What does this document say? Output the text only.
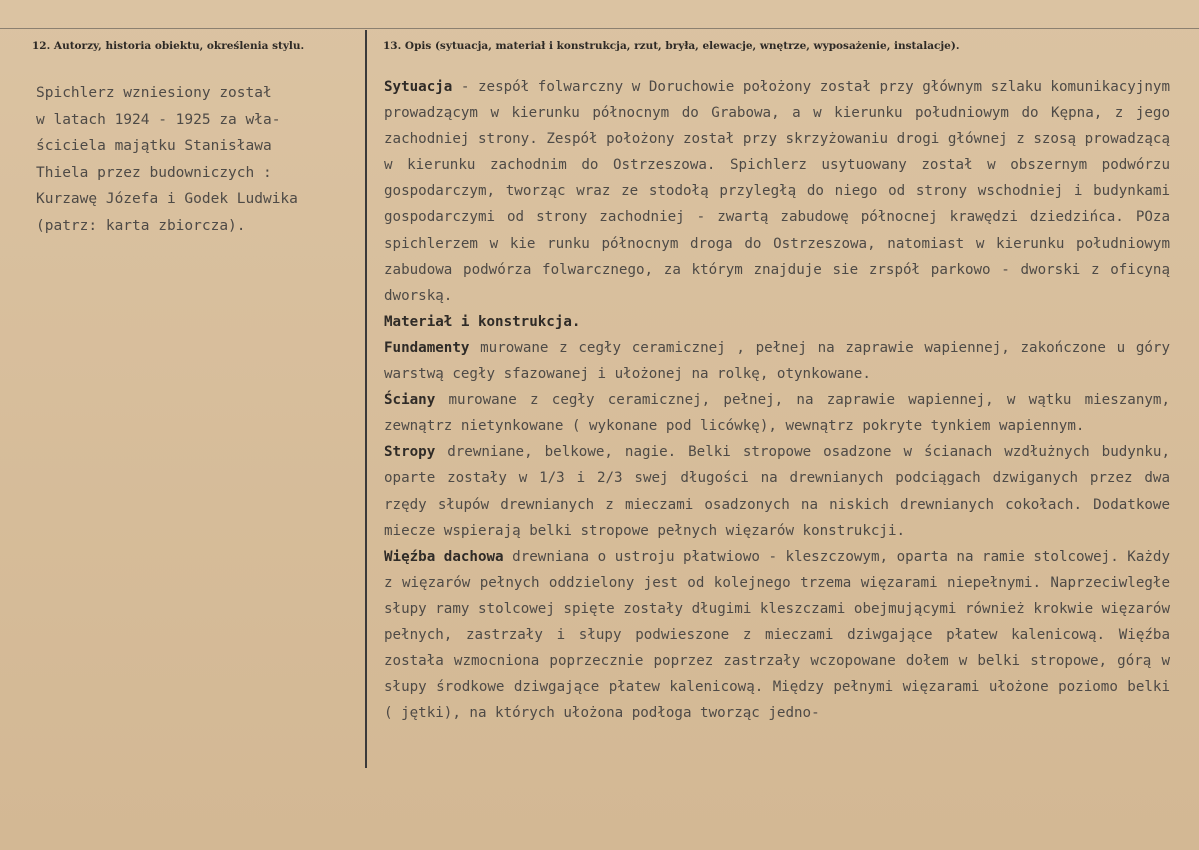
12. Autorzy, historia obiektu, określenia stylu.	13. Opis (sytuacja, materiał i konstrukcja, rzut, bryła, elewacje, wnętrze, wyposażenie, instalacje).
Spichlerz wzniesiony został
w latach 1924 - 1925 za wła-
ściciela majątku Stanisława
Thiela przez budowniczych :
Kurzawę Józefa i Godek Ludwika
(patrz: karta zbiorcza).

Sytuacja - zespół folwarczny w Doruchowie położony został przy głównym szlaku komunikacyjnym prowadzącym w kierunku północnym do Grabowa, a w kierunku południowym do Kępna, z jego zachodniej strony. Zespół położony został przy skrzyżowaniu drogi głównej z szosą prowadzącą w kierunku zachodnim do Ostrzeszowa. Spichlerz usytuowany został w obszernym podwórzu gospodarczym, tworząc wraz ze stodołą przyległą do niego od strony wschodniej i budynkami gospodarczymi od strony zachodniej - zwartą zabudowę północnej krawędzi dziedzińca. POza spichlerzem w kie runku północnym droga do Ostrzeszowa, natomiast w kierunku południowym zabudowa podwórza folwarcznego, za którym znajduje sie zrspół parkowo - dworski z oficyną dworską.

Materiał i konstrukcja.

Fundamenty murowane z cegły ceramicznej , pełnej na zaprawie wapiennej, zakończone u góry warstwą cegły sfazowanej i ułożonej na rolkę, otynkowane.

Ściany murowane z cegły ceramicznej, pełnej, na zaprawie wapiennej, w wątku mieszanym, zewnątrz nietynkowane ( wykonane pod licówkę), wewnątrz pokryte tynkiem wapiennym.

Stropy drewniane, belkowe, nagie. Belki stropowe osadzone w ścianach wzdłużnych budynku, oparte zostały w 1/3 i 2/3 swej długości na drewnianych podciągach dzwiganych przez dwa rzędy słupów drewnianych z mieczami osadzonych na niskich drewnianych cokołach. Dodatkowe miecze wspierają belki stropowe pełnych więzarów konstrukcji.

Więźba dachowa drewniana o ustroju płatwiowo - kleszczowym, oparta na ramie stolcowej. Każdy z więzarów pełnych oddzielony jest od kolejnego trzema więzarami niepełnymi. Naprzeciwległe słupy ramy stolcowej spięte zostały długimi kleszczami obejmującymi również krokwie więzarów pełnych, zastrzały i słupy podwieszone z mieczami dziwgające płatew kalenicową. Więźba została wzmocniona poprzecznie poprzez zastrzały wczopowane dołem w belki stropowe, górą w słupy środkowe dziwgające płatew kalenicową. Między pełnymi więzarami ułożone poziomo belki ( jętki), na których ułożona podłoga tworząc jedno-
